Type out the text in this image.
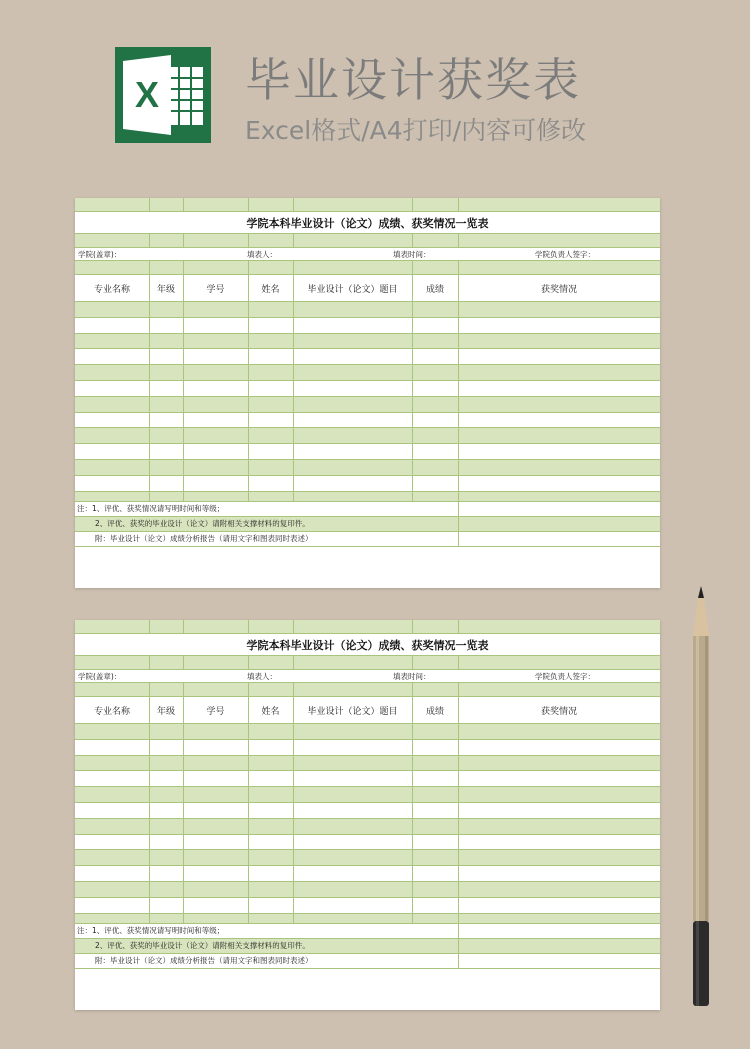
X 毕业设计获奖表
Excel格式/A4打印/内容可修改
学院本科毕业设计（论文）成绩、获奖情况一览表
学院(盖章)：	填表人：	填表时间：	学院负责人签字：
专业名称	年级	学号	姓名	毕业设计（论文）题目	成绩	获奖情况
注：1、评优、获奖情况请写明时间和等级；
2、评优、获奖的毕业设计（论文）请附相关支撑材料的复印件。
附：毕业设计（论文）成绩分析报告（请用文字和图表同时表述）
学院本科毕业设计（论文）成绩、获奖情况一览表
学院(盖章)：	填表人：	填表时间：	学院负责人签字：
专业名称	年级	学号	姓名	毕业设计（论文）题目	成绩	获奖情况
注：1、评优、获奖情况请写明时间和等级；
2、评优、获奖的毕业设计（论文）请附相关支撑材料的复印件。
附：毕业设计（论文）成绩分析报告（请用文字和图表同时表述）
